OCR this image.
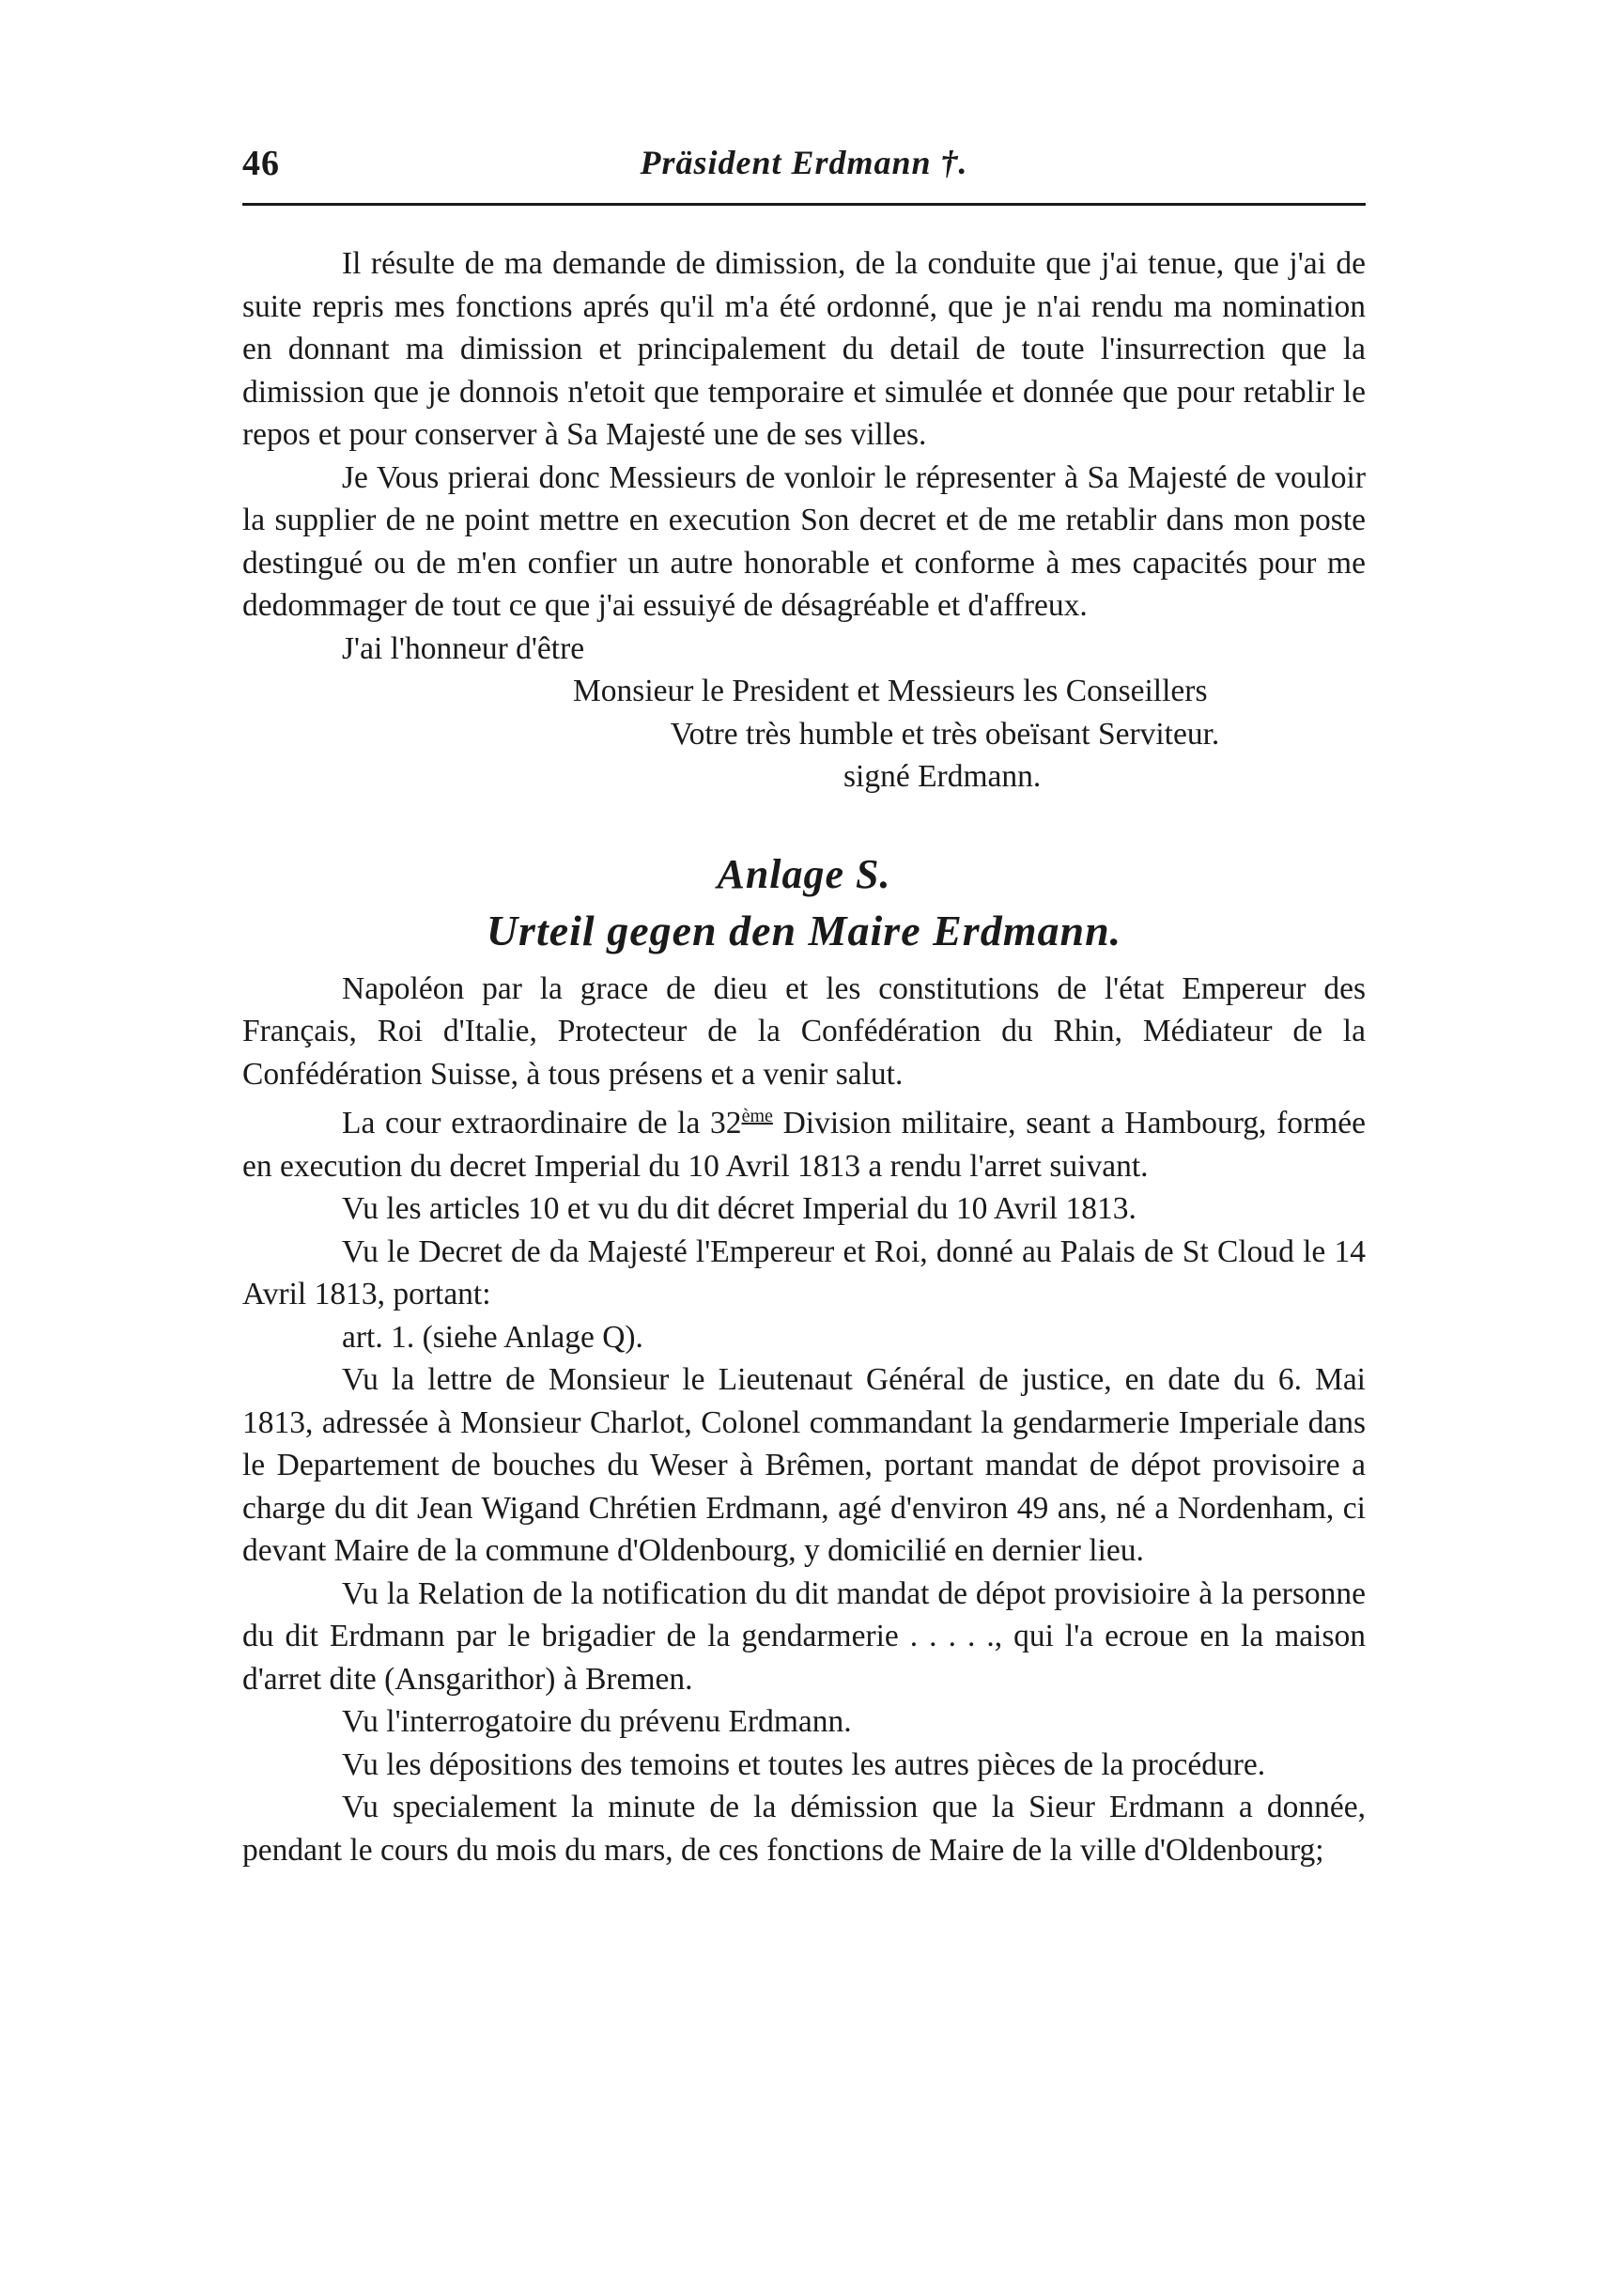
46	Präsident Erdmann †.

Il résulte de ma demande de dimission, de la conduite que j'ai tenue, que j'ai de suite repris mes fonctions aprés qu'il m'a été ordonné, que je n'ai rendu ma nomination en donnant ma dimission et principalement du detail de toute l'insurrection que la dimission que je donnois n'etoit que temporaire et simulée et donnée que pour retablir le repos et pour conserver à Sa Majesté une de ses villes.

Je Vous prierai donc Messieurs de vonloir le répresenter à Sa Majesté de vouloir la supplier de ne point mettre en execution Son decret et de me retablir dans mon poste destingué ou de m'en confier un autre honorable et conforme à mes capacités pour me dedommager de tout ce que j'ai essuiyé de désagréable et d'affreux.

J'ai l'honneur d'être

Monsieur le President et Messieurs les Conseillers

Votre très humble et très obeïsant Serviteur.

signé Erdmann.

Anlage S.
Urteil gegen den Maire Erdmann.

Napoléon par la grace de dieu et les constitutions de l'état Empereur des Français, Roi d'Italie, Protecteur de la Confédération du Rhin, Médiateur de la Confédération Suisse, à tous présens et a venir salut.

La cour extraordinaire de la 32ème Division militaire, seant a Hambourg, formée en execution du decret Imperial du 10 Avril 1813 a rendu l'arret suivant.

Vu les articles 10 et vu du dit décret Imperial du 10 Avril 1813.

Vu le Decret de da Majesté l'Empereur et Roi, donné au Palais de St Cloud le 14 Avril 1813, portant:

art. 1. (siehe Anlage Q).

Vu la lettre de Monsieur le Lieutenaut Général de justice, en date du 6. Mai 1813, adressée à Monsieur Charlot, Colonel commandant la gendarmerie Imperiale dans le Departement de bouches du Weser à Brêmen, portant mandat de dépot provisoire a charge du dit Jean Wigand Chrétien Erdmann, agé d'environ 49 ans, né a Nordenham, ci devant Maire de la commune d'Oldenbourg, y domicilié en dernier lieu.

Vu la Relation de la notification du dit mandat de dépot provisioire à la personne du dit Erdmann par le brigadier de la gendarmerie . . . . ., qui l'a ecroue en la maison d'arret dite (Ansgarithor) à Bremen.

Vu l'interrogatoire du prévenu Erdmann.

Vu les dépositions des temoins et toutes les autres pièces de la procédure.

Vu specialement la minute de la démission que la Sieur Erdmann a donnée, pendant le cours du mois du mars, de ces fonctions de Maire de la ville d'Oldenbourg;
